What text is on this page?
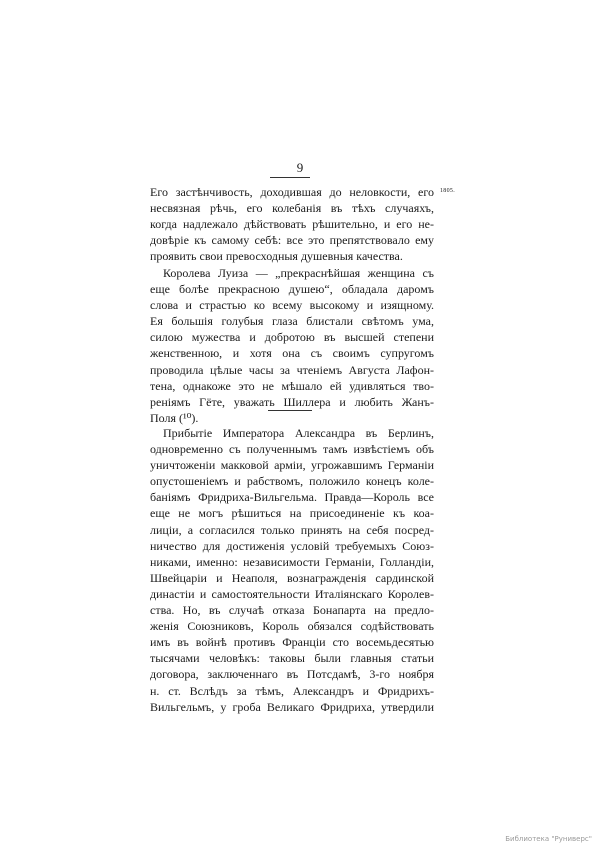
9
1805.
Его застѣнчивость, доходившая до неловкости, его
несвязная рѣчь, его колебанія въ тѣхъ случаяхъ,
когда надлежало дѣйствовать рѣшительно, и его не-
довѣріе къ самому себѣ: все это препятствовало ему
проявить свои превосходныя душевныя качества.
Королева Луиза — „прекраснѣйшая женщина съ
еще болѣе прекрасною душею“, обладала даромъ
слова и страстью ко всему высокому и изящному.
Ея большія голубыя глаза блистали свѣтомъ ума,
силою мужества и добротою въ высшей степени
женственною, и хотя она съ своимъ супругомъ
проводила цѣлые часы за чтеніемъ Августа Лафон-
тена, однакоже это не мѣшало ей удивляться тво-
реніямъ Гёте, уважать Шиллера и любить Жанъ-
Поля (¹⁰).
Прибытіе Императора Александра въ Берлинъ,
одновременно съ полученнымъ тамъ извѣстіемъ объ
уничтоженіи макковой арміи, угрожавшимъ Германіи
опустошеніемъ и рабствомъ, положило конецъ коле-
баніямъ Фридриха-Вильгельма. Правда—Король все
еще не могъ рѣшиться на присоединеніе къ коа-
лиціи, а согласился только принять на себя посред-
ничество для достиженія условій требуемыхъ Союз-
никами, именно: независимости Германіи, Голландіи,
Швейцаріи и Неаполя, вознагражденія сардинской
династіи и самостоятельности Италіянскаго Королев-
ства. Но, въ случаѣ отказа Бонапарта на предло-
женія Союзниковъ, Король обязался содѣйствовать
имъ въ войнѣ противъ Франціи сто восемьдесятью
тысячами человѣкъ: таковы были главныя статьи
договора, заключеннаго въ Потсдамѣ, 3-го ноября
н. ст. Вслѣдъ за тѣмъ, Александръ и Фридрихъ-
Вильгельмъ, у гроба Великаго Фридриха, утвердили
Библиотека "Руниверс"
